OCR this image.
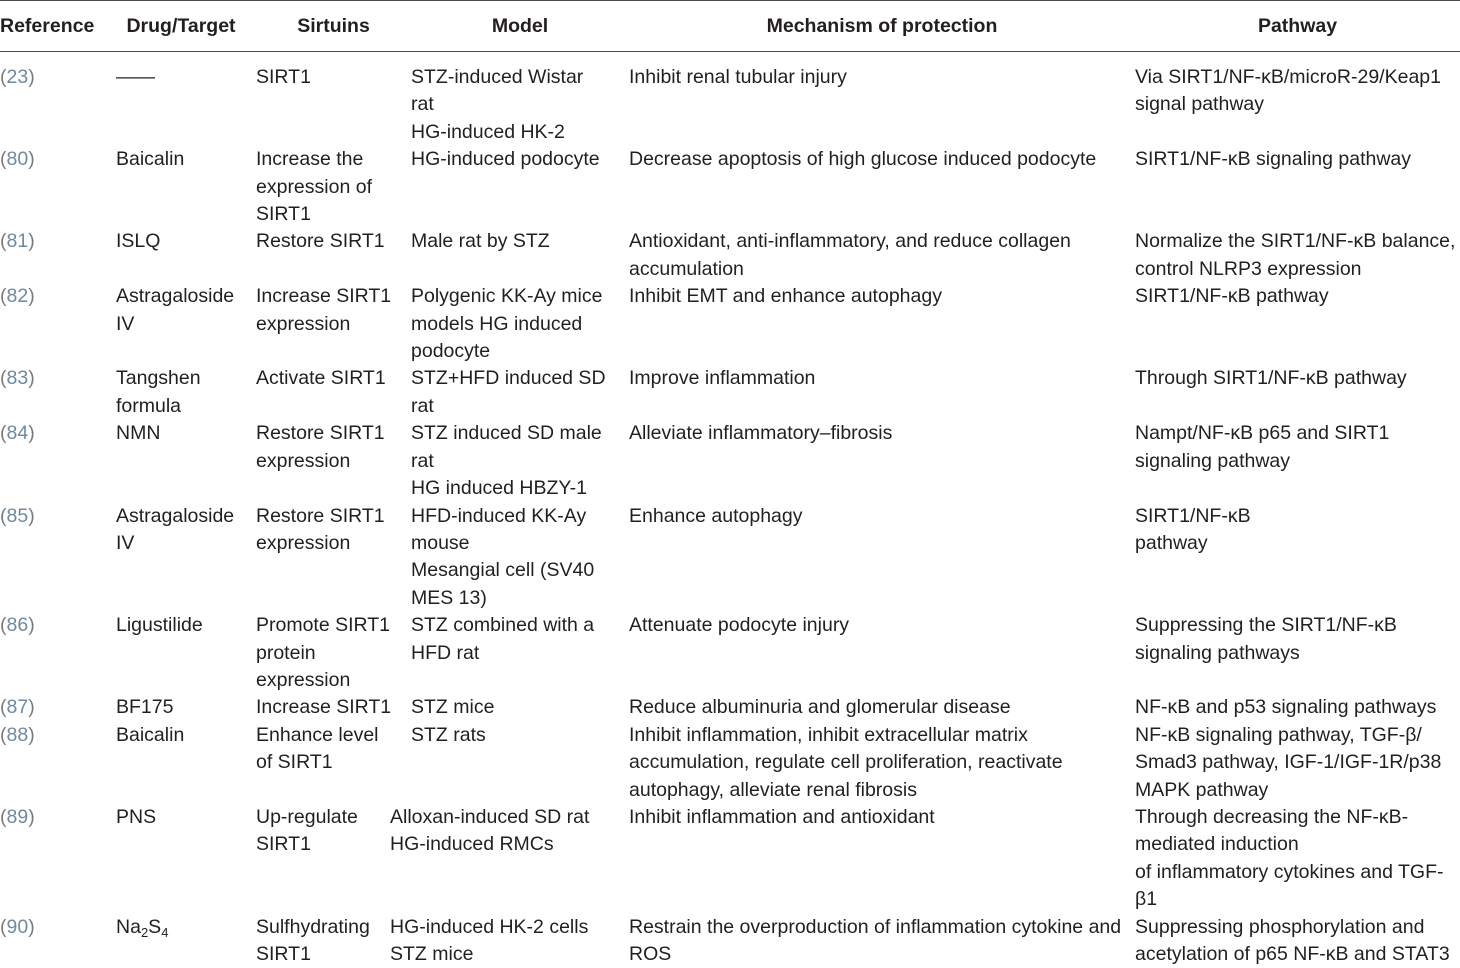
Reference	Drug/Target	Sirtuins	Model	Mechanism of protection	Pathway
(23)	——	SIRT1	STZ-induced Wistar
rat
HG-induced HK-2	Inhibit renal tubular injury	Via SIRT1/NF-κB/microR-29/Keap1
signal pathway

(80)	Baicalin	Increase the
expression of
SIRT1	HG-induced podocyte	Decrease apoptosis of high glucose induced podocyte	SIRT1/NF-κB signaling pathway

(81)	ISLQ	Restore SIRT1	Male rat by STZ	Antioxidant, anti-inflammatory, and reduce collagen accumulation	Normalize the SIRT1/NF-κB balance,
control NLRP3 expression

(82)	Astragaloside IV	Increase SIRT1
expression	Polygenic KK-Ay mice
models HG induced
podocyte	Inhibit EMT and enhance autophagy	SIRT1/NF-κB pathway

(83)	Tangshen formula	Activate SIRT1	STZ+HFD induced SD
rat	Improve inflammation	Through SIRT1/NF-κB pathway

(84)	NMN	Restore SIRT1
expression	STZ induced SD male
rat
HG induced HBZY-1	Alleviate inflammatory–fibrosis	Nampt/NF-κB p65 and SIRT1
signaling pathway

(85)	Astragaloside IV	Restore SIRT1
expression	HFD-induced KK-Ay
mouse
Mesangial cell (SV40
MES 13)	Enhance autophagy	SIRT1/NF-κB
pathway

(86)	Ligustilide	Promote SIRT1
protein
expression	STZ combined with a
HFD rat	Attenuate podocyte injury	Suppressing the SIRT1/NF-κB
signaling pathways

(87)	BF175	Increase SIRT1	STZ mice	Reduce albuminuria and glomerular disease	NF-κB and p53 signaling pathways

(88)	Baicalin	Enhance level
of SIRT1	STZ rats	Inhibit inflammation, inhibit extracellular matrix accumulation, regulate cell proliferation, reactivate autophagy, alleviate renal fibrosis	NF-κB signaling pathway, TGF-β/
Smad3 pathway, IGF-1/IGF-1R/p38
MAPK pathway

(89)	PNS	Up-regulate
SIRT1	Alloxan-induced SD rat
HG-induced RMCs	Inhibit inflammation and antioxidant	Through decreasing the NF-κB-
mediated induction
of inflammatory cytokines and TGF-
β1

(90)	$Na_2S_4$	Sulfhydrating
SIRT1	HG-induced HK-2 cells
STZ mice	Restrain the overproduction of inflammation cytokine and ROS	Suppressing phosphorylation and
acetylation of p65 NF-κB and STAT3
